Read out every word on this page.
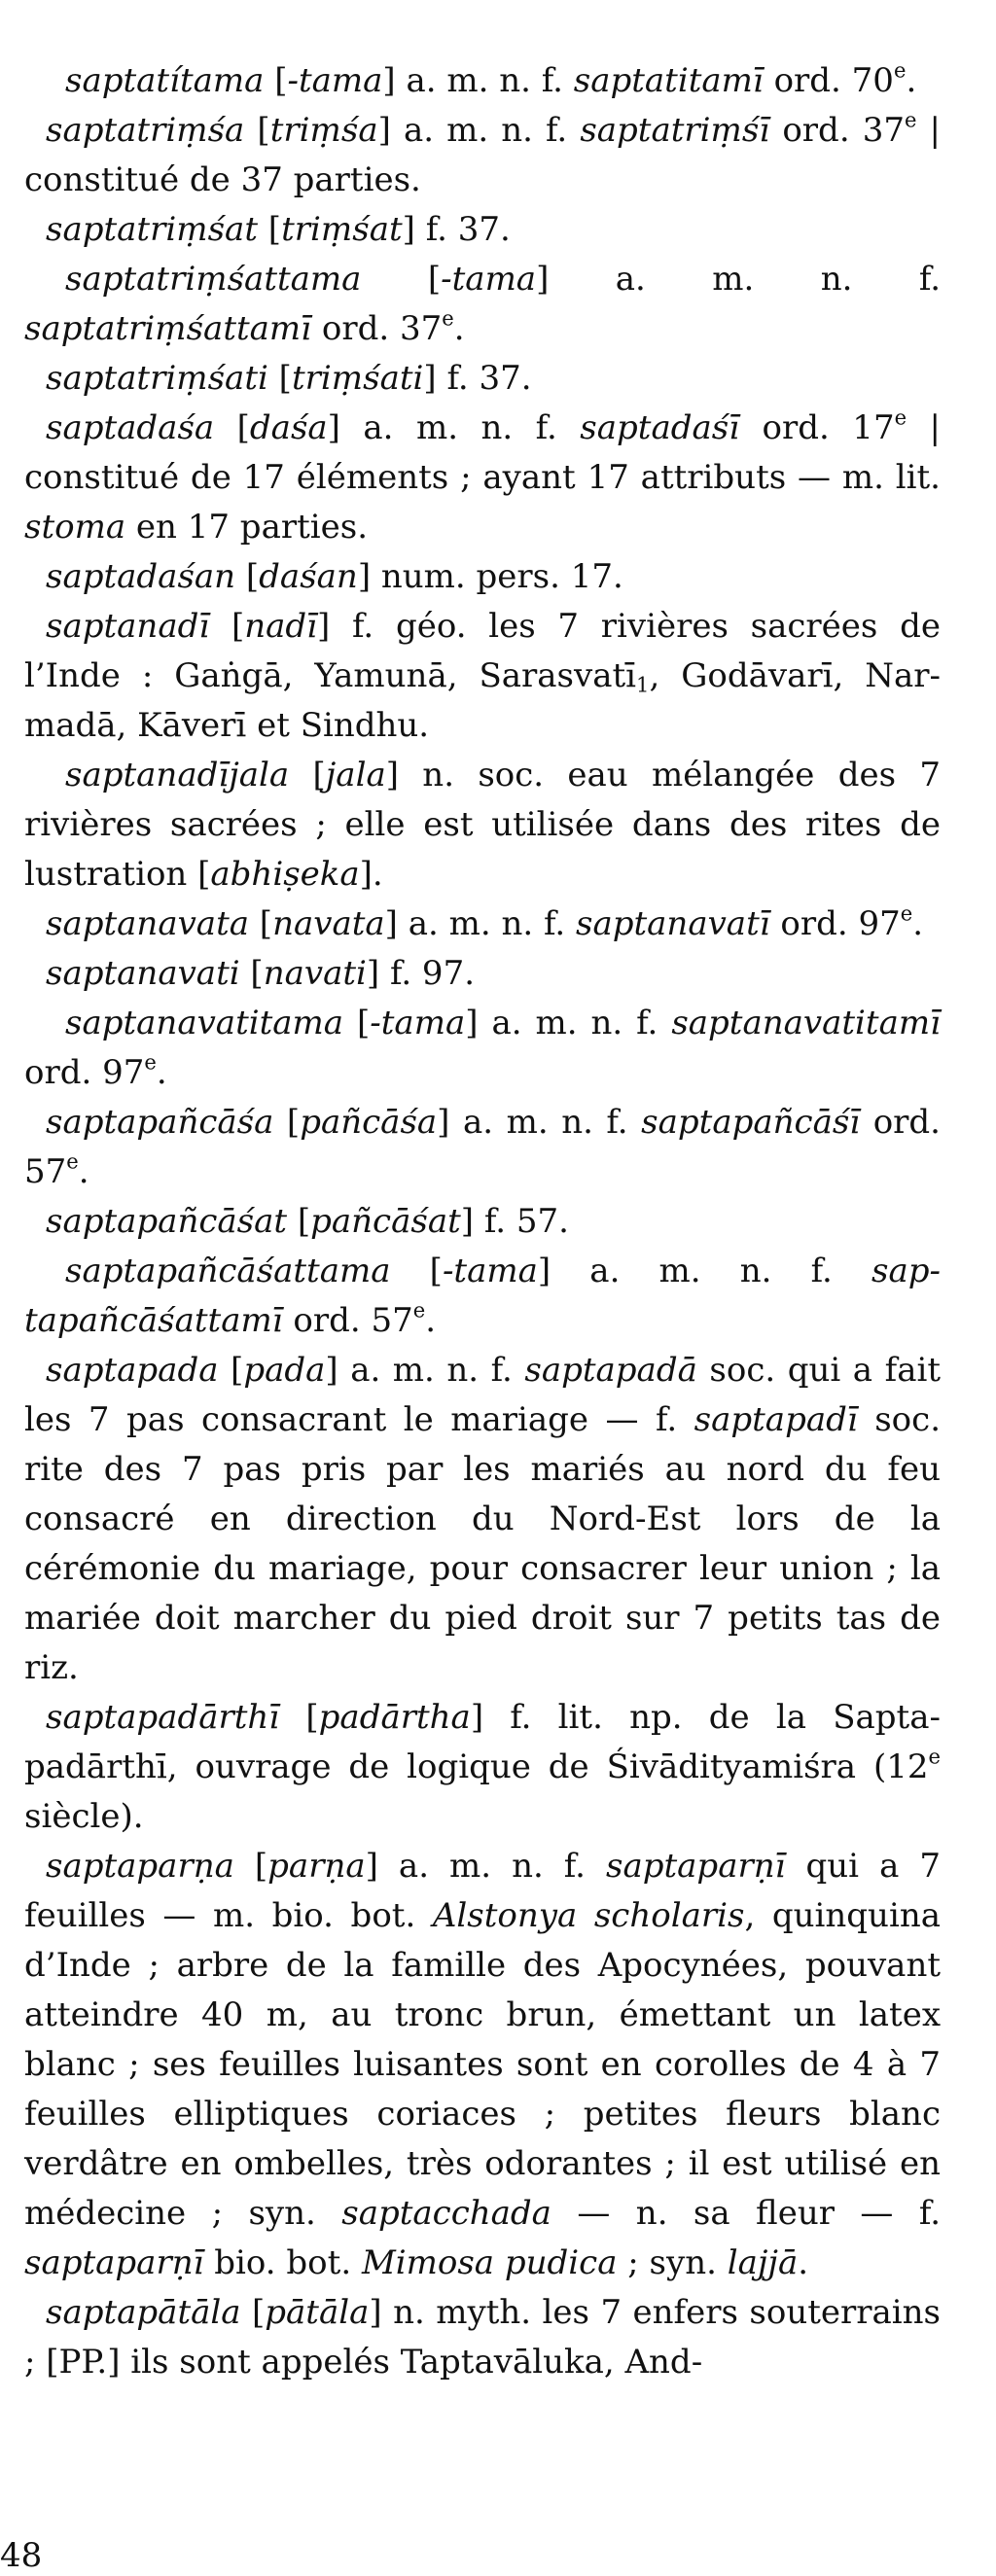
saptatítama [-tama] a. m. n. f. saptatitamī ord. 70e.

saptatriṃśa [triṃśa] a. m. n. f. saptatriṃśī ord. 37e | constitué de 37 parties.

saptatriṃśat [triṃśat] f. 37.

saptatriṃśattama [-tama] a. m. n. f. saptatriṃśattamī ord. 37e.

saptatriṃśati [triṃśati] f. 37.

saptadaśa [daśa] a. m. n. f. saptadaśī ord. 17e | constitué de 17 éléments ; ayant 17 attributs — m. lit. stoma en 17 parties.

saptadaśan [daśan] num. pers. 17.

saptanadī [nadī] f. géo. les 7 rivières sacrées de l’Inde : Gaṅgā, Yamunā, Sarasvatī$_1$, Godāvarī, Narmadā, Kāverī et Sindhu.

saptanadījala [jala] n. soc. eau mélangée des 7 rivières sacrées ; elle est utilisée dans des rites de lustration [abhiṣeka].

saptanavata [navata] a. m. n. f. saptanavatī ord. 97e.

saptanavati [navati] f. 97.

saptanavatitama [-tama] a. m. n. f. saptanavatitamī ord. 97e.

saptapañcāśa [pañcāśa] a. m. n. f. saptapañcāśī ord. 57e.

saptapañcāśat [pañcāśat] f. 57.

saptapañcāśattama [-tama] a. m. n. f. saptapañcāśattamī ord. 57e.

saptapada [pada] a. m. n. f. saptapadā soc. qui a fait les 7 pas consacrant le mariage — f. saptapadī soc. rite des 7 pas pris par les mariés au nord du feu consacré en direction du Nord-Est lors de la cérémonie du mariage, pour consacrer leur union ; la mariée doit marcher du pied droit sur 7 petits tas de riz.

saptapadārthī [padārtha] f. lit. np. de la Saptapadārthī, ouvrage de logique de Śivādityamiśra (12e siècle).

saptaparṇa [parṇa] a. m. n. f. saptaparṇī qui a 7 feuilles — m. bio. bot. Alstonya scholaris, quinquina d’Inde ; arbre de la famille des Apocynées, pouvant atteindre 40 m, au tronc brun, émettant un latex blanc ; ses feuilles luisantes sont en corolles de 4 à 7 feuilles elliptiques coriaces ; petites fleurs blanc verdâtre en ombelles, très odorantes ; il est utilisé en médecine ; syn. saptacchada — n. sa fleur — f. saptaparṇī bio. bot. Mimosa pudica ; syn. lajjā.

saptapātāla [pātāla] n. myth. les 7 enfers souterrains ; [PP.] ils sont appelés Taptavāluka, And-

48
